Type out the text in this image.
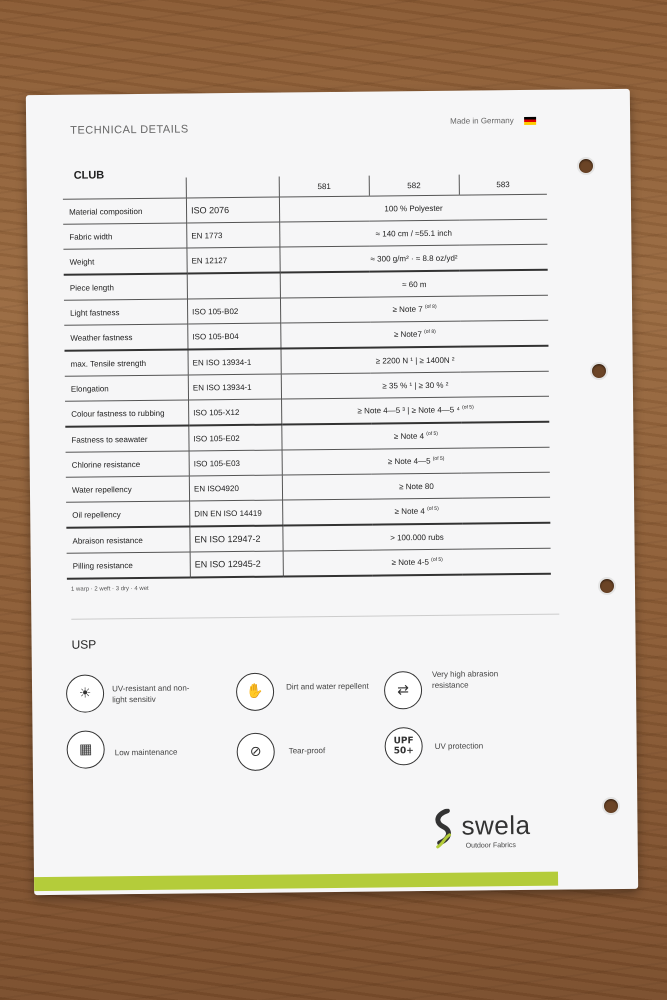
TECHNICAL DETAILS
Made in Germany
CLUB
		581	582	583
Material composition	ISO 2076	100 % Polyester		
Fabric width	EN 1773	≈ 140 cm / ≈55.1 inch		
Weight	EN 12127	≈ 300 g/m² · ≈ 8.8 oz/yd²		
Piece length		≈ 60 m		
Light fastness	ISO 105-B02	≥ Note 7 $^{(of 8)}$
Weather fastness	ISO 105-B04	≥ Note7 $^{(of 8)}$
max. Tensile strength	EN ISO 13934-1	≥ 2200 N ¹ | ≥ 1400N ²		
Elongation	EN ISO 13934-1	≥ 35 % ¹ | ≥ 30 % ²		
Colour fastness to rubbing	ISO 105-X12	≥ Note 4—5 ³ | ≥ Note 4—5 ⁴ $^{(of 5)}$
Fastness to seawater	ISO 105-E02	≥ Note 4 $^{(of 5)}$
Chlorine resistance	ISO 105-E03	≥ Note 4—5 $^{(of 5)}$
Water repellency	EN ISO4920	≥ Note 80		
Oil repellency	DIN EN ISO 14419	≥ Note 4 $^{(of 5)}$
Abraison resistance	EN ISO 12947-2	> 100.000 rubs		
Pilling resistance	EN ISO 12945-2	≥ Note 4-5 $^{(of 5)}$
1 warp · 2 weft · 3 dry · 4 wet
USP
☀	UV-resistant and non-light sensitiv	✋	Dirt and water repellent	⇄
Very high abrasion resistance
▦	Low maintenance	⊘	Tear-proof
UPF
50+	UV protection
swela
Outdoor Fabrics
